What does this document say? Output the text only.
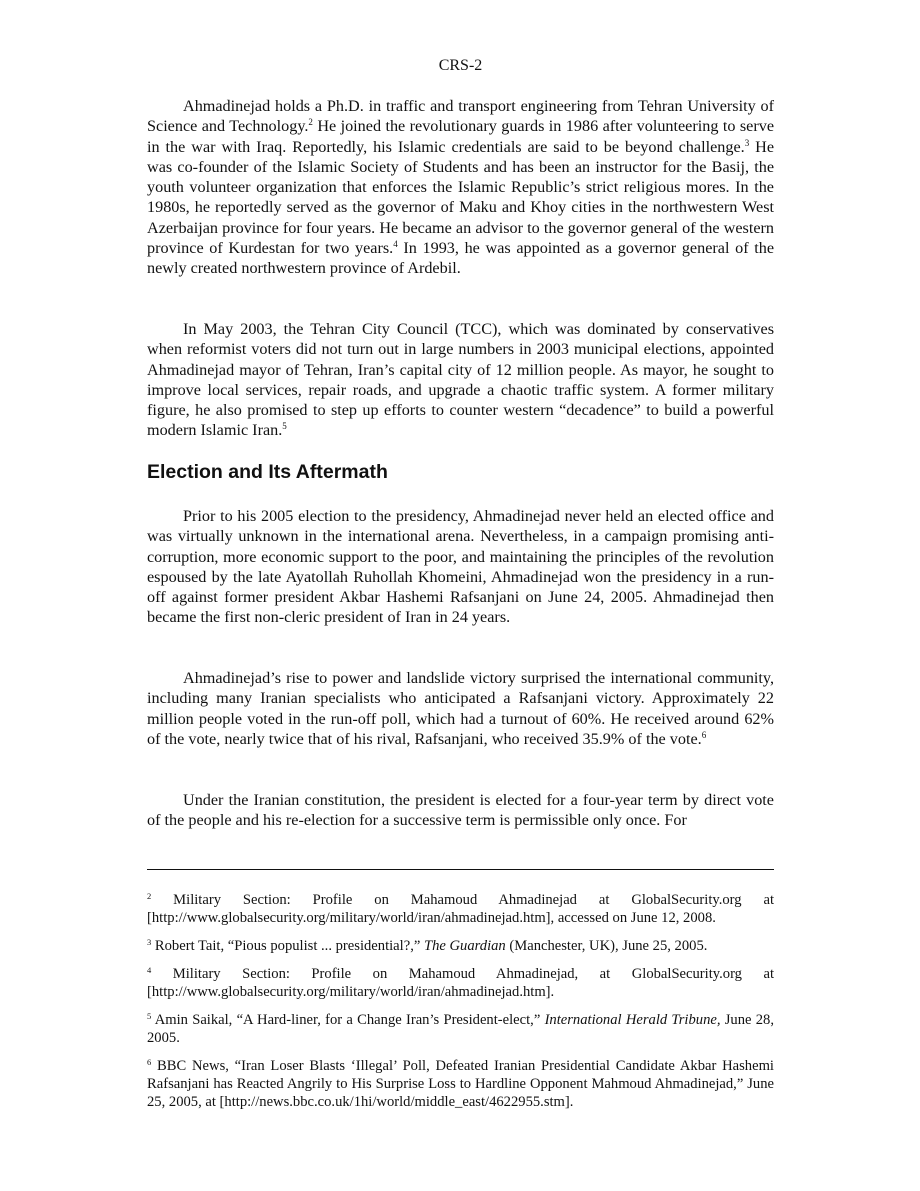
CRS-2

Ahmadinejad holds a Ph.D. in traffic and transport engineering from Tehran University of Science and Technology.$^2$ He joined the revolutionary guards in 1986 after volunteering to serve in the war with Iraq. Reportedly, his Islamic credentials are said to be beyond challenge.$^3$ He was co-founder of the Islamic Society of Students and has been an instructor for the Basij, the youth volunteer organization that enforces the Islamic Republic’s strict religious mores. In the 1980s, he reportedly served as the governor of Maku and Khoy cities in the northwestern West Azerbaijan province for four years. He became an advisor to the governor general of the western province of Kurdestan for two years.$^4$ In 1993, he was appointed as a governor general of the newly created northwestern province of Ardebil.

In May 2003, the Tehran City Council (TCC), which was dominated by conservatives when reformist voters did not turn out in large numbers in 2003 municipal elections, appointed Ahmadinejad mayor of Tehran, Iran’s capital city of 12 million people. As mayor, he sought to improve local services, repair roads, and upgrade a chaotic traffic system. A former military figure, he also promised to step up efforts to counter western “decadence” to build a powerful modern Islamic Iran.$^5$

Election and Its Aftermath

Prior to his 2005 election to the presidency, Ahmadinejad never held an elected office and was virtually unknown in the international arena. Nevertheless, in a campaign promising anti-corruption, more economic support to the poor, and maintaining the principles of the revolution espoused by the late Ayatollah Ruhollah Khomeini, Ahmadinejad won the presidency in a run-off against former president Akbar Hashemi Rafsanjani on June 24, 2005. Ahmadinejad then became the first non-cleric president of Iran in 24 years.

Ahmadinejad’s rise to power and landslide victory surprised the international community, including many Iranian specialists who anticipated a Rafsanjani victory. Approximately 22 million people voted in the run-off poll, which had a turnout of 60%. He received around 62% of the vote, nearly twice that of his rival, Rafsanjani, who received 35.9% of the vote.$^6$

Under the Iranian constitution, the president is elected for a four-year term by direct vote of the people and his re-election for a successive term is permissible only once. For

$^2$ Military Section: Profile on Mahamoud Ahmadinejad at GlobalSecurity.org at [http://www.globalsecurity.org/military/world/iran/ahmadinejad.htm], accessed on June 12, 2008.

$^3$ Robert Tait, “Pious populist ... presidential?,” The Guardian (Manchester, UK), June 25, 2005.

$^4$ Military Section: Profile on Mahamoud Ahmadinejad, at GlobalSecurity.org at [http://www.globalsecurity.org/military/world/iran/ahmadinejad.htm].

$^5$ Amin Saikal, “A Hard-liner, for a Change Iran’s President-elect,” International Herald Tribune, June 28, 2005.

$^6$ BBC News, “Iran Loser Blasts ‘Illegal’ Poll, Defeated Iranian Presidential Candidate Akbar Hashemi Rafsanjani has Reacted Angrily to His Surprise Loss to Hardline Opponent Mahmoud Ahmadinejad,” June 25, 2005, at [http://news.bbc.co.uk/1hi/world/middle_east/4622955.stm].
